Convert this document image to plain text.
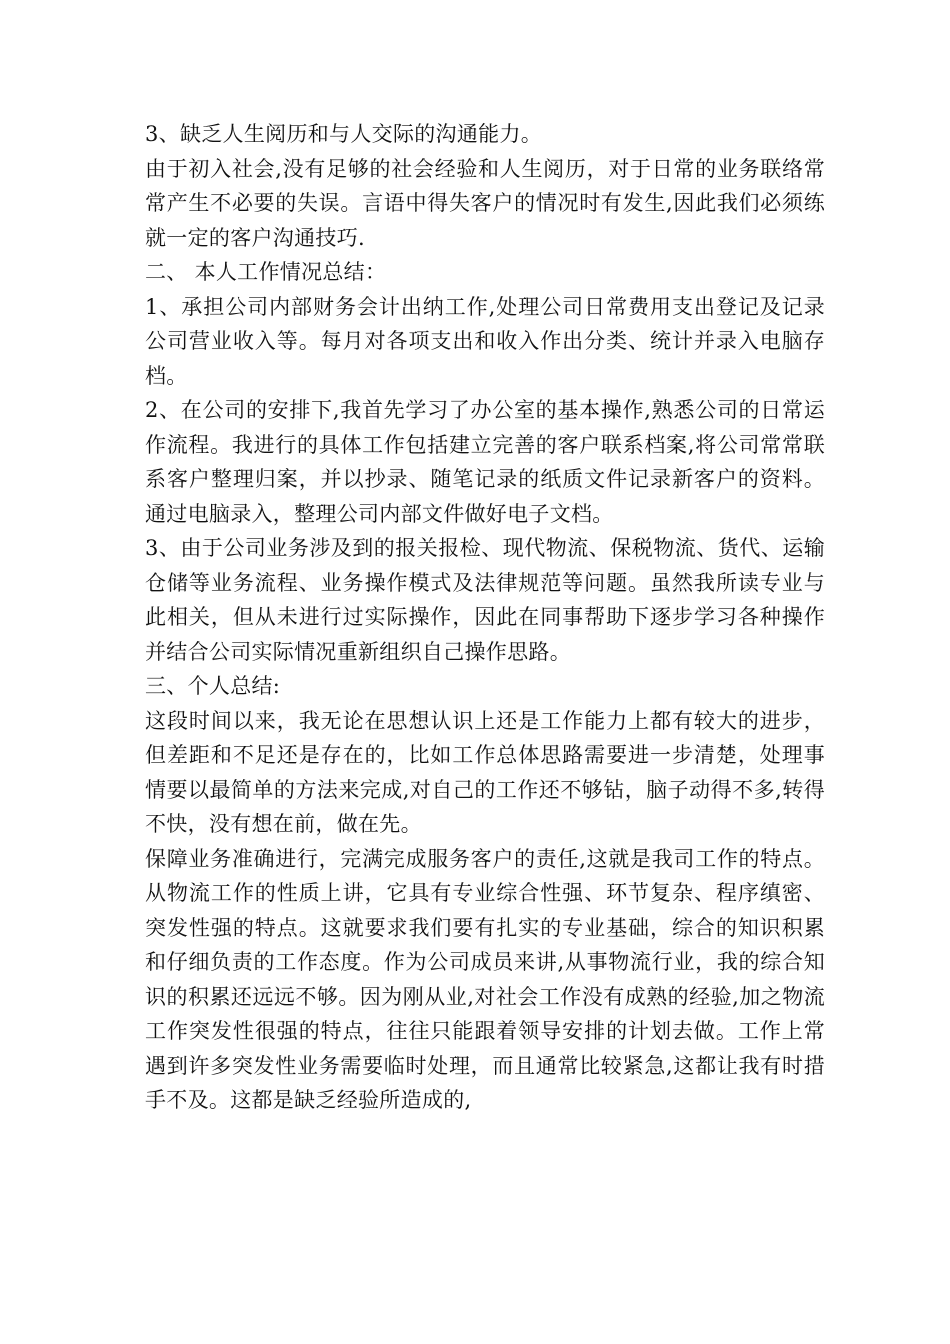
3、缺乏人生阅历和与人交际的沟通能力。

由于初入社会,没有足够的社会经验和人生阅历，对于日常的业务联络常常产生不必要的失误。言语中得失客户的情况时有发生,因此我们必须练就一定的客户沟通技巧.

二、 本人工作情况总结：

1、承担公司内部财务会计出纳工作,处理公司日常费用支出登记及记录公司营业收入等。每月对各项支出和收入作出分类、统计并录入电脑存档。

2、在公司的安排下,我首先学习了办公室的基本操作,熟悉公司的日常运作流程。我进行的具体工作包括建立完善的客户联系档案,将公司常常联系客户整理归案，并以抄录、随笔记录的纸质文件记录新客户的资料。通过电脑录入，整理公司内部文件做好电子文档。

3、由于公司业务涉及到的报关报检、现代物流、保税物流、货代、运输仓储等业务流程、业务操作模式及法律规范等问题。虽然我所读专业与此相关，但从未进行过实际操作，因此在同事帮助下逐步学习各种操作并结合公司实际情况重新组织自己操作思路。

三、个人总结:

这段时间以来，我无论在思想认识上还是工作能力上都有较大的进步，但差距和不足还是存在的，比如工作总体思路需要进一步清楚，处理事情要以最简单的方法来完成,对自己的工作还不够钻，脑子动得不多,转得不快，没有想在前，做在先。

保障业务准确进行，完满完成服务客户的责任,这就是我司工作的特点。从物流工作的性质上讲，它具有专业综合性强、环节复杂、程序缜密、突发性强的特点。这就要求我们要有扎实的专业基础，综合的知识积累和仔细负责的工作态度。作为公司成员来讲,从事物流行业，我的综合知识的积累还远远不够。因为刚从业,对社会工作没有成熟的经验,加之物流工作突发性很强的特点，往往只能跟着领导安排的计划去做。工作上常遇到许多突发性业务需要临时处理，而且通常比较紧急,这都让我有时措手不及。这都是缺乏经验所造成的,
